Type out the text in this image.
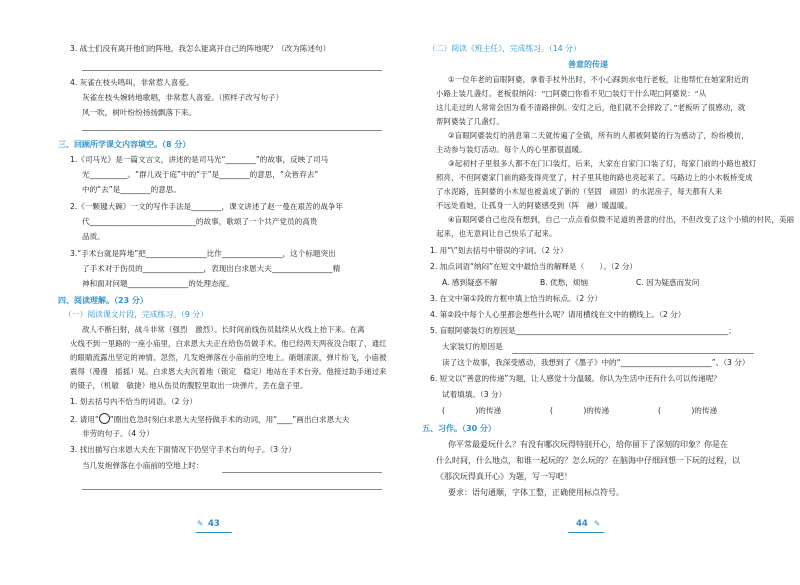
3. 战士们没有离开他们的阵地，我怎么能离开自己的阵地呢？（改为陈述句）
4. 灰雀在枝头鸣叫，非常惹人喜爱。
灰雀在枝头婉转地歌唱，非常惹人喜爱。（照样子改写句子）
风一吹，树叶纷纷扬扬飘落下来。
三、回顾所学课文内容填空。（8 分）
1.《司马光》是一篇文言文，讲述的是司马光“________”的故事，反映了司马
光__________。“群儿戏于庭”中的“于”是________的意思，“众皆弃去”
中的“去”是________的意思。
2.《一颗毽大碗》一文的写作手法是________，课文讲述了赵一曼在艰苦的战争年
代____________________________的故事，歌颂了一个共产党员的高贵
品质。
3.“手术台就是阵地”把________________比作________________，这个标题突出
了手术对于伤员的________________，表现出白求恩大夫________________精
神和面对问题________________的处理态度。
四、阅读理解。（23 分）
（一）阅读课文片段，完成练习。（9 分）
敌人不断扫射，战斗非常（强烈　激烈）。长时间前线伤员陆续从火线上抬下来。在离
火线不到一里路的一座小庙里，白求恩大夫正在给伤员做手术。他已经两天两夜没合眼了，通红
的眼睛流露出坚定的神情。忽然，几发炮弹落在小庙前的空地上。硝烟滚滚，弹片纷飞，小庙被
震得（漫漫　摇摇）晃。白求恩大夫沉着地（锁定　稳定）地站在手术台旁。他接过助手递过来
的镊子，（机敏　敏捷）地从伤员的腹腔里取出一块弹片，丢在盘子里。
1. 划去括号内不恰当的词语。（2 分）
2. 请用“○”圈出危急时刻白求恩大夫坚持做手术的动词，用“____”画出白求恩大夫
非劳的句子。（4 分）
3. 找出描写白求恩大夫在下面情况下仍坚守手术台的句子。（3 分）
当几发炮弹落在小庙前的空地上时：
43
✎
（二）阅读《班主任》，完成练习。（14 分）
善意的传递
①一位年老的盲眼阿婆，拿着手杖外出时，不小心踩到水电行老板，让他帮忙在她家附近的
小路上装几盏灯。老板很纳闷：“□阿婆□你看不见□装灯干什么呢□阿婆说：“从
这儿走过的人常常会因为看不清路摔倒。安灯之后，他们就不会摔跤了。”老板听了很感动，就
帮阿婆装了几盏灯。
②盲眼阿婆装灯的消息第二天就传遍了全镇，所有的人都被阿婆的行为感动了，纷纷模仿，
主动参与装灯活动。每个人的心里都很温暖。
③起初村子里很多人都不在门口装灯，后来，大家在自家门口装了灯，每家门前的小路也被灯
照亮，不但阿婆家门前的路变得亮堂了，村子里其他的路也亮起来了。马路边上的小木板桥变成
了水泥路，连阿婆的小木屋也被盖成了新的（坚固　顽固）的水泥房子，每天都有人来
不远处看她，让孤身一人的阿婆感受到（阵　融）暖温暖。
④盲眼阿婆自己也没有想到，自己一点点看似微不足道的善意的付出，不但改变了这个小镇的村民，美丽
起来，也无意间让自己快乐了起来。
1. 用“\”划去括号中错误的字词。（2 分）
2. 加点词语“纳闷”在短文中最恰当的解释是（　　）。（2 分）
A. 感到疑惑不解	B. 优愁，烦恼	C. 因为疑惑而发问
3. 在文中第①段的方框中填上恰当的标点。（2 分）
4. 第②段中每个人心里都会想些什么呢？请用横线在文中的横线上。（2 分）
5. 盲眼阿婆装灯的原因是________________________________________________________；
大家装灯的原因是
读了这个故事，我深受感动，我想到了《墨子》中的“________________________”。（3 分）
6. 短文以“善意的传递”为题，让人感觉十分温暖。你认为生活中还有什么可以传递呢？
试着填填。（3 分）
(　　　　)的传递	(　　　　)的传递	(　　　　)的传递
五、习作。（30 分）
你平常最爱玩什么？有没有哪次玩得特别开心，给你留下了深刻的印象？你是在
什么时间，什么地点，和谁一起玩的？怎么玩的？在脑海中仔细回想一下玩的过程，以
《那次玩得真开心》为题，写一写吧！
要求：语句通顺，字体工整，正确使用标点符号。
44 ✎
